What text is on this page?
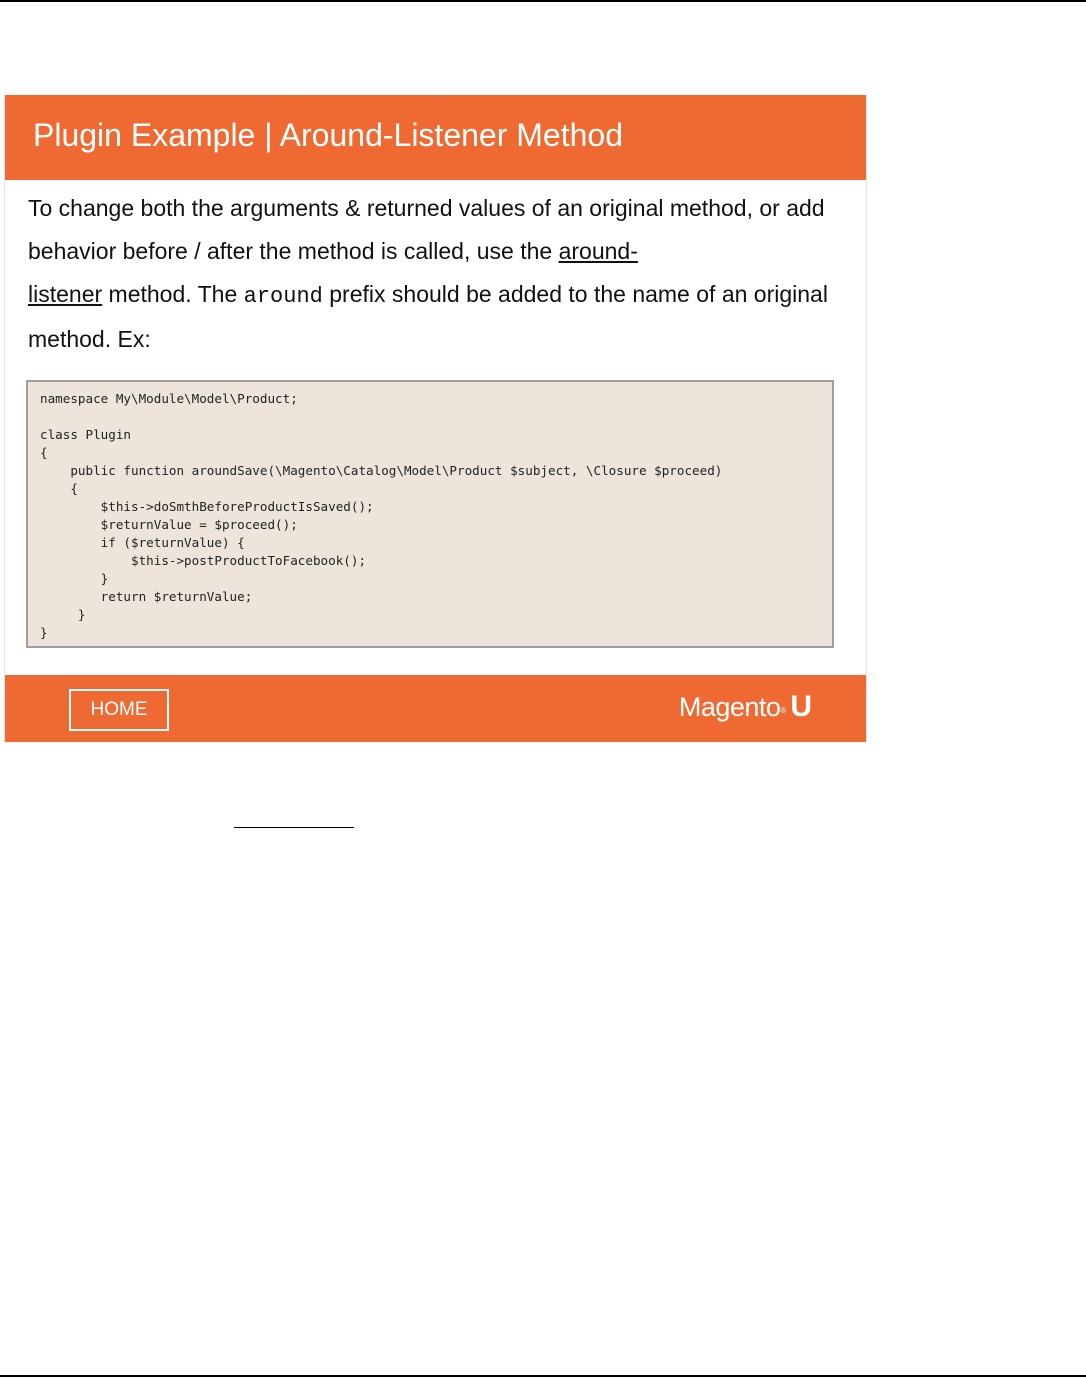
Plugin Example | Around-Listener Method

To change both the arguments & returned values of an original method, or add behavior before / after the method is called, use the around-
listener method. The around prefix should be added to the name of an original method. Ex:

namespace My\Module\Model\Product;

class Plugin
{
public function aroundSave(\Magento\Catalog\Model\Product $subject, \Closure $proceed)
{
$this->doSmthBeforeProductIsSaved();
$returnValue = $proceed();
if ($returnValue) {
$this->postProductToFacebook();
}
return $returnValue;
}
}
HOME	Magento® U
